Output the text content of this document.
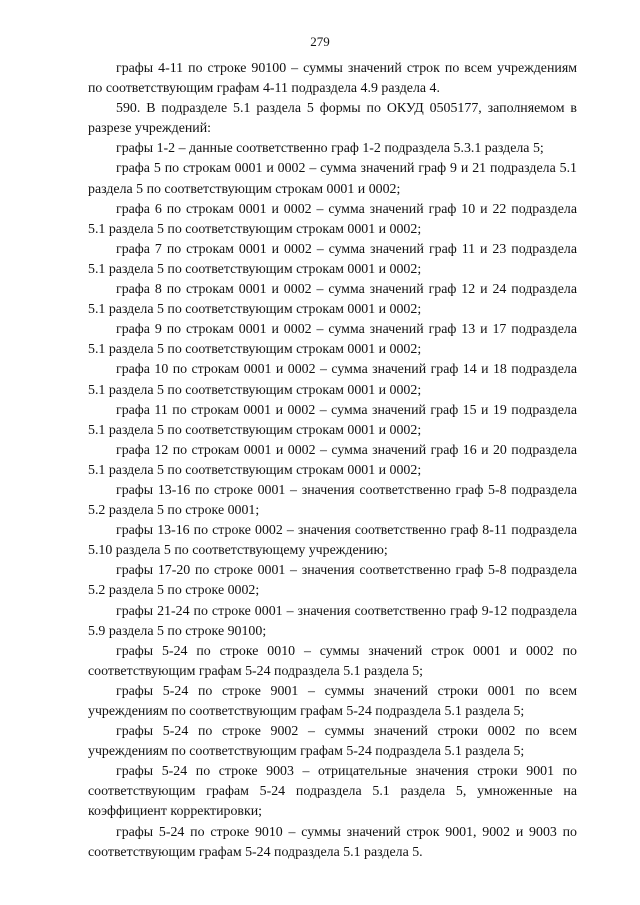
279

графы 4-11 по строке 90100 – суммы значений строк по всем учреждениям по соответствующим графам 4-11 подраздела 4.9 раздела 4.

590. В подразделе 5.1 раздела 5 формы по ОКУД 0505177, заполняемом в разрезе учреждений:

графы 1-2 – данные соответственно граф 1-2 подраздела 5.3.1 раздела 5;

графа 5 по строкам 0001 и 0002 – сумма значений граф 9 и 21 подраздела 5.1 раздела 5 по соответствующим строкам 0001 и 0002;

графа 6 по строкам 0001 и 0002 – сумма значений граф 10 и 22 подраздела 5.1 раздела 5 по соответствующим строкам 0001 и 0002;

графа 7 по строкам 0001 и 0002 – сумма значений граф 11 и 23 подраздела 5.1 раздела 5 по соответствующим строкам 0001 и 0002;

графа 8 по строкам 0001 и 0002 – сумма значений граф 12 и 24 подраздела 5.1 раздела 5 по соответствующим строкам 0001 и 0002;

графа 9 по строкам 0001 и 0002 – сумма значений граф 13 и 17 подраздела 5.1 раздела 5 по соответствующим строкам 0001 и 0002;

графа 10 по строкам 0001 и 0002 – сумма значений граф 14 и 18 подраздела 5.1 раздела 5 по соответствующим строкам 0001 и 0002;

графа 11 по строкам 0001 и 0002 – сумма значений граф 15 и 19 подраздела 5.1 раздела 5 по соответствующим строкам 0001 и 0002;

графа 12 по строкам 0001 и 0002 – сумма значений граф 16 и 20 подраздела 5.1 раздела 5 по соответствующим строкам 0001 и 0002;

графы 13-16 по строке 0001 – значения соответственно граф 5-8 подраздела 5.2 раздела 5 по строке 0001;

графы 13-16 по строке 0002 – значения соответственно граф 8-11 подраздела 5.10 раздела 5 по соответствующему учреждению;

графы 17-20 по строке 0001 – значения соответственно граф 5-8 подраздела 5.2 раздела 5 по строке 0002;

графы 21-24 по строке 0001 – значения соответственно граф 9-12 подраздела 5.9 раздела 5 по строке 90100;

графы 5-24 по строке 0010 – суммы значений строк 0001 и 0002 по соответствующим графам 5-24 подраздела 5.1 раздела 5;

графы 5-24 по строке 9001 – суммы значений строки 0001 по всем учреждениям по соответствующим графам 5-24 подраздела 5.1 раздела 5;

графы 5-24 по строке 9002 – суммы значений строки 0002 по всем учреждениям по соответствующим графам 5-24 подраздела 5.1 раздела 5;

графы 5-24 по строке 9003 – отрицательные значения строки 9001 по соответствующим графам 5-24 подраздела 5.1 раздела 5, умноженные на коэффициент корректировки;

графы 5-24 по строке 9010 – суммы значений строк 9001, 9002 и 9003 по соответствующим графам 5-24 подраздела 5.1 раздела 5.
